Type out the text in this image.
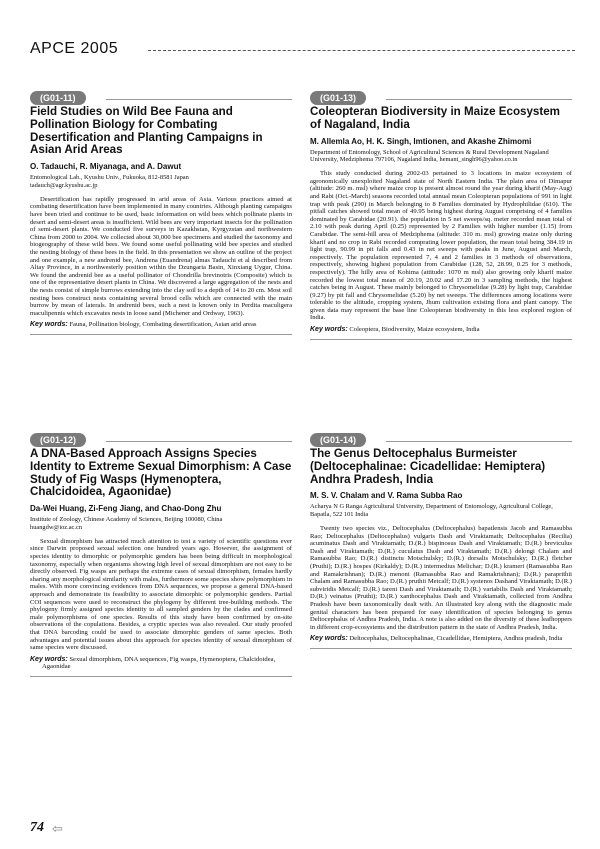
APCE 2005
(G01-11)
Field Studies on Wild Bee Fauna and Pollination Biology for Combating Desertification and Planting Campaigns in Asian Arid Areas
O. Tadauchi, R. Miyanaga, and A. Dawut
Entomological Lab., Kyushu Univ., Fukuoka, 812-8581 Japan
tadauch@agr.kyushu.ac.jp
Desertification has rapidly progressed in arid areas of Asia. Various practices aimed at combating desertification have been implemented in many countries. Although planting campaigns have been tried and continue to be used, basic information on wild bees which pollinate plants in desert and semi-desert areas is insufficient. Wild bees are very important insects for the pollination of semi-desert plants. We conducted five surveys in Kazakhstan, Kyrgyzstan and northwestern China from 2000 to 2004. We collected about 30,000 bee specimens and studied the taxonomy and biogeography of these wild bees. We found some useful pollinating wild bee species and studied the nesting biology of these bees in the field. In this presentation we show an outline of the project and one example, a new andrenid bee, Andrena (Euandrena) almas Tadauchi et al described from Altay Province, in a northwesterly position within the Dzungaria Basin, Xinxiang Uygur, China. We found the andrenid bee as a useful pollinator of Chondrilla brevinotris (Composite) which is one of the representative desert plants in China. We discovered a large aggregation of the nests and the nests consist of simple burrows extending into the clay soil to a depth of 14 to 20 cm. Most soil nesting bees construct nests containing several brood cells which are connected with the main burrow by mean of laterals. In andrenid bees, such a nest is known only in Perdita maculigera maculipennis which excavates nests in loose sand (Michener and Ordway, 1963).
Key words: Fauna, Pollination biology, Combating desertification, Asian arid areas
(G01-12)
A DNA-Based Approach Assigns Species Identity to Extreme Sexual Dimorphism: A Case Study of Fig Wasps (Hymenoptera, Chalcidoidea, Agaonidae)
Da-Wei Huang, Zi-Feng Jiang, and Chao-Dong Zhu
Institute of Zoology, Chinese Academy of Sciences, Beijing 100080, China
huangdw@ioz.ac.cn
Sexual dimorphism has attracted much attention to test a variety of scientific questions ever since Darwin proposed sexual selection one hundred years ago. However, the assignment of species identity to dimorphic or polymorphic genders has been being difficult in morphological taxonomy, especially when organisms showing high level of sexual dimorphism are not easy to be directly observed. Fig wasps are perhaps the extreme cases of sexual dimorphism, females hardly sharing any morphological similarity with males, furthermore some species show polymorphism in males. With more convincing evidences from DNA sequences, we propose a general DNA-based approach and demonstrate its feasibility to associate dimorphic or polymorphic genders. Partial COI sequences were used to reconstruct the phylogeny by different tree-building methods. The phylogeny firmly assigned species identity to all sampled genders by the clades and confirmed male polymorphisms of one species. Results of this study have been confirmed by on-site observations of the copulations. Besides, a cryptic species was also revealed. Our study proofed that DNA barcoding could be used to associate dimorphic genders of same species. Both advantages and potential issues about this approach for species identity of sexual dimorphism of same species were discussed.
Key words: Sexual dimorphism, DNA sequences, Fig wasps, Hymenoptera, Chalcidoidea, Agaonidae
(G01-13)
Coleopteran Biodiversity in Maize Ecosystem of Nagaland, India
M. Allemla Ao, H. K. Singh, Imtionen, and Akashe Zhimomi
Department of Entomology, School of Agricultural Sciences & Rural Development Nagaland University, Medziphema 797106, Nagaland India, hemant_singh96@yahoo.co.in
This study conducted during 2002-03 pertained to 3 locations in maize ecosystem of agronomically unexploited Nagaland state of North Eastern India. The plain area of Dimapur (altitude: 260 m. msl) where maize crop is present almost round the year during kharif (May-Aug) and Rabi (Oct.-March) seasons recorded total annual mean Coleopteran populations of 991 in light trap with peak (290) in March belonging to 8 Families dominated by Hydrophilidae (610). The pitfall catches showed total mean of 49.95 being highest during August comprising of 4 families dominated by Carabidae (20.91). the population in 5 net sweeps/sq. meter recorded mean total of 2.10 with peak during April (0.25) represented by 2 Families with higher number (1.15) from Carabidae. The semi-hill area of Medziphema (altitude: 310 m. msl) growing maize only during kharif and no crop in Rabi recorded comprating lower population, the mean total being 384.19 in light trap, 90.99 in pit falls and 0.43 in net sweeps with peaks in June, August and March, respectively. The population represented 7, 4 and 2 families in 3 methods of observations, respectively, showing highest population from Carabidae (128, 52, 28.99, 0.25 for 3 methods, respectively). The hilly area of Kohima (attitude: 1070 m msl) also growing only kharif maize recorded the lowest total mean of 20.19, 20.02 and 17.20 in 3 sampling methods, the highest catches being in August. These mainly belonged to Chrysomelidae (9.28) by light trap, Carabidae (9.27) by pit fall and Chrysomelidae (5.20) by net sweeps. The differences among locations were tolerable to the altitude, cropping system, Jhum cultivation existing flora and plant canopy. The given data may represent the base line Coleopteran biodiversity in this less explored region of India.
Key words: Coleoptera, Biodiversity, Maize ecosystem, India
(G01-14)
The Genus Deltocephalus Burmeister (Deltocephalinae: Cicadellidae: Hemiptera) Andhra Pradesh, India
M. S. V. Chalam and V. Rama Subba Rao
Acharya N G Ranga Agricultural University, Department of Entomology, Agricultural College, Bapatla, 522 101 India
Twenty two species viz., Deltocephalus (Deltocephalus) bapatlensis Jacob and Ramasubba Rao; Deltocephalus (Deltocephalus) vulgaris Dash and Viraktamath; Deltocephalus (Recilia) acuminatus Dash and Viraktamath; D.(R.) bispinosus Dash and Viraktamath; D.(R.) breviculus Dash and Viraktamath; D.(R.) cuculatus Dash and Viraktamath; D.(R.) delongi Chalam and Ramasubba Rao; D.(R.) distinctu Motschulsky; D.(R.) dorsalis Motschulsky; D.(R.) fletcher (Pruthi); D.(R.) hospes (Kirkaldy); D.(R.) intermedius Melichar; D.(R.) krameri (Ramasubba Rao and Ramakrishnan); D.(R.) menoni (Ramasubba Rao and Ramakrishnan); D.(R.) paraprithii Chalam and Ramasubba Rao; D.(R.) pruthii Metcalf; D.(R.) systenos Dashand Viraktamath; D.(R.) subviridis Metcalf; D.(R.) tareni Dash and Viraktamath; D.(R.) variabilis Dash and Viraktamath; D.(R.) veinatus (Pruthi); D.(R.) xanthocephalus Dash and Viraktamath, collected from Andhra Pradesh have been taxonomically dealt with. An illustrated key along with the diagnostic male genital characters has been prepared for easy identification of species belonging to genus Deltocephalus of Andhra Pradesh, India. A note is also added on the diversity of these leafhoppers in different crop-ecosystems and the distribution pattern in the state of Andhra Pradesh, India.
Key words: Deltocephalus, Deltocephalinae, Cicadellidae, Hemiptera, Andhra pradesh, India
74 ⇦
